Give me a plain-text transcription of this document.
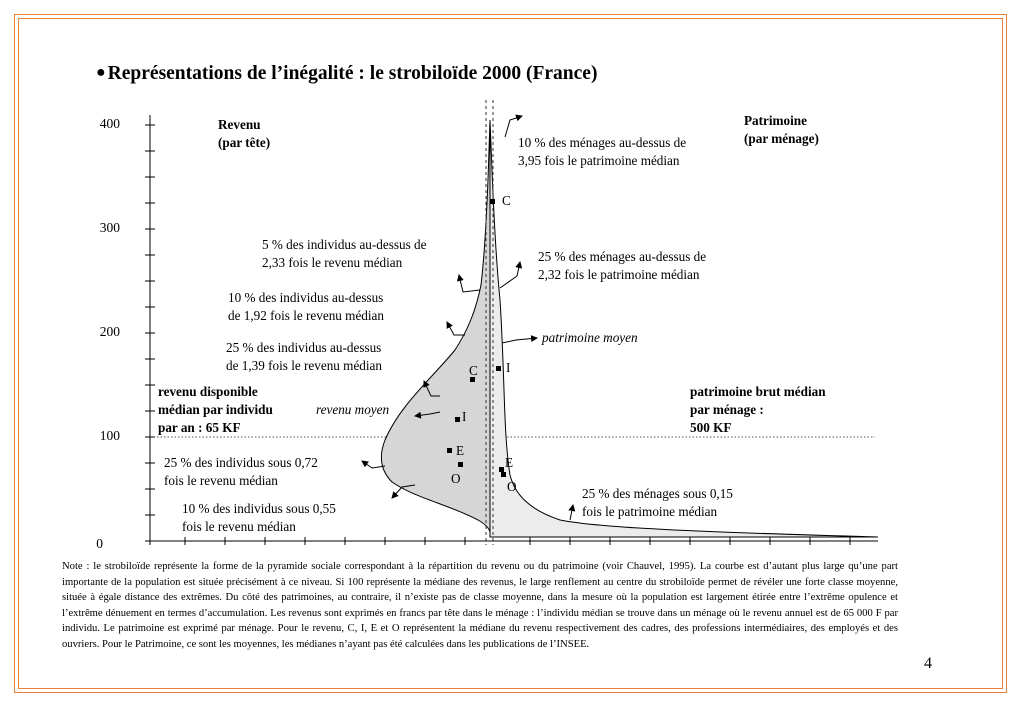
● Représentations de l’inégalité : le strobiloïde 2000 (France)
400
300
200
100
0
Revenu
(par tête)
Patrimoine
(par ménage)
10 % des ménages au-dessus de
3,95 fois le patrimoine médian
25 % des ménages au-dessus de
2,32 fois le patrimoine médian
patrimoine moyen
patrimoine brut médian
par ménage :
500 KF
25 % des ménages sous 0,15
fois le patrimoine médian
5 % des individus au-dessus de
2,33 fois le revenu médian
10 % des individus au-dessus
de 1,92 fois le revenu médian
25 % des individus au-dessus
de 1,39 fois le revenu médian
revenu disponible
médian par individu
par an : 65 KF
revenu moyen
25 % des individus sous 0,72
fois le revenu médian
10 % des individus sous 0,55
fois le revenu médian
C
I
E
O
C
I
E
O
Note : le strobiloïde représente la forme de la pyramide sociale correspondant à la répartition du revenu ou du patrimoine (voir Chauvel, 1995). La courbe est d’autant plus large qu’une part importante de la population est située précisément à ce niveau. Si 100 représente la médiane des revenus, le large renflement au centre du strobiloïde permet de révéler une forte classe moyenne, située à égale distance des extrêmes. Du côté des patrimoines, au contraire, il n’existe pas de classe moyenne, dans la mesure où la population est largement étirée entre l’extrême opulence et l’extrême dénuement en termes d’accumulation. Les revenus sont exprimés en francs par tête dans le ménage : l’individu médian se trouve dans un ménage où le revenu annuel est de 65 000 F par individu. Le patrimoine est exprimé par ménage. Pour le revenu, C, I, E et O représentent la médiane du revenu respectivement des cadres, des professions intermédiaires, des employés et des ouvriers. Pour le Patrimoine, ce sont les moyennes, les médianes n’ayant pas été calculées dans les publications de l’INSEE.
4
